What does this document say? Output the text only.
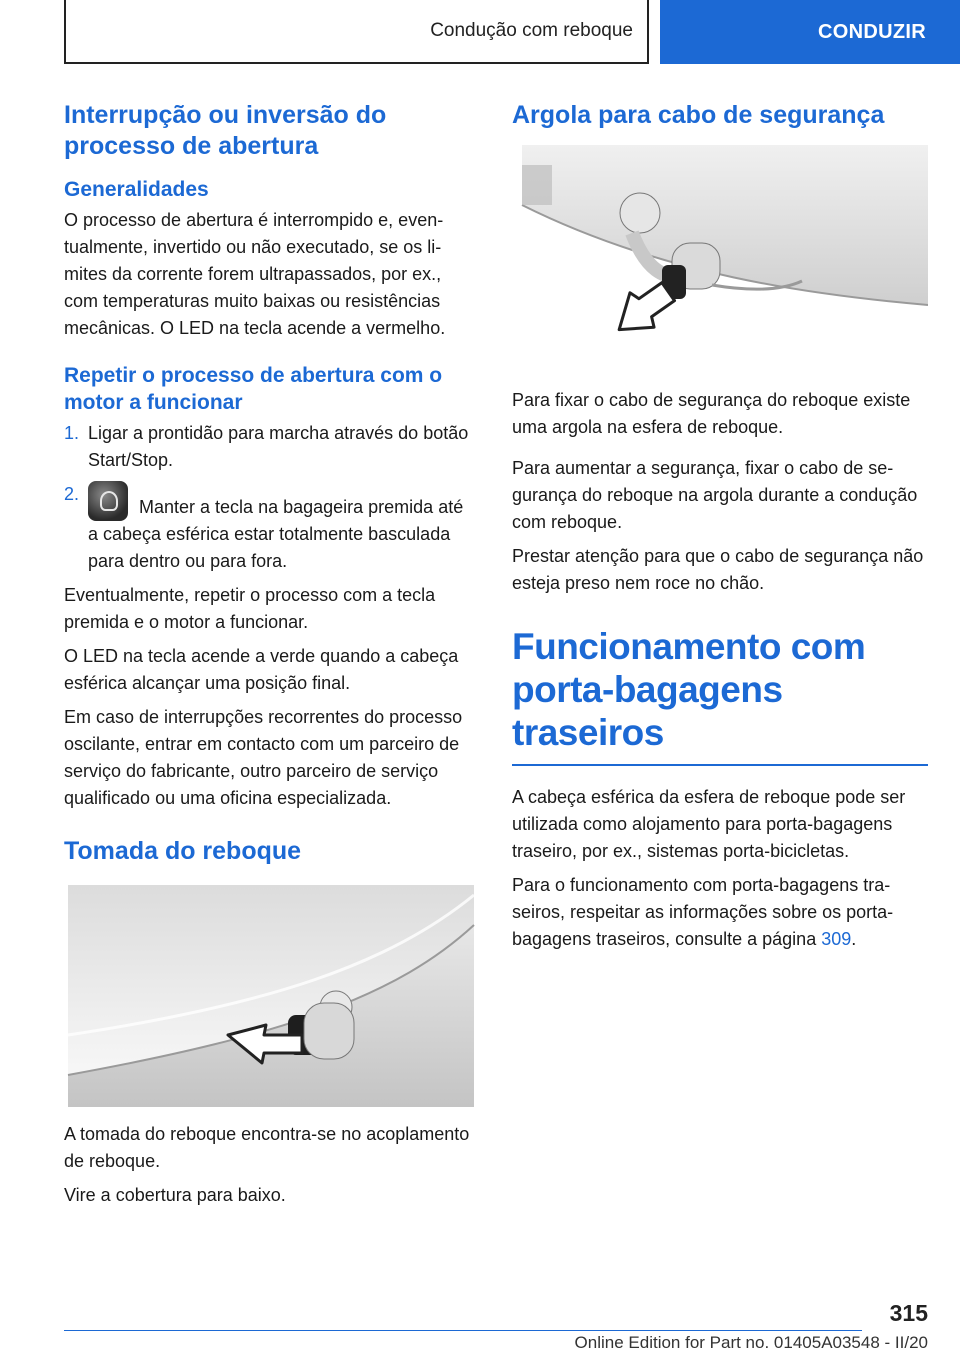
Condução com reboque	CONDUZIR
Interrupção ou inversão do processo de abertura
Generalidades

O processo de abertura é interrompido e, eventualmente, invertido ou não executado, se os limites da corrente forem ultrapassados, por ex., com temperaturas muito baixas ou resistências mecânicas. O LED na tecla acende a vermelho.

Repetir o processo de abertura com o motor a funcionar
1. Ligar a prontidão para marcha através do botão Start/Stop.
2.
Manter a tecla na bagageira premida até a cabeça esférica estar totalmente basculada para dentro ou para fora.

Eventualmente, repetir o processo com a tecla premida e o motor a funcionar.

O LED na tecla acende a verde quando a cabeça esférica alcançar uma posição final.

Em caso de interrupções recorrentes do processo oscilante, entrar em contacto com um parceiro de serviço do fabricante, outro parceiro de serviço qualificado ou uma oficina especializada.

Tomada do reboque

A tomada do reboque encontra-se no acoplamento de reboque.

Vire a cobertura para baixo.

Argola para cabo de segurança

Para fixar o cabo de segurança do reboque existe uma argola na esfera de reboque.

Para aumentar a segurança, fixar o cabo de segurança do reboque na argola durante a condução com reboque.

Prestar atenção para que o cabo de segurança não esteja preso nem roce no chão.

Funcionamento com porta-bagagens traseiros

A cabeça esférica da esfera de reboque pode ser utilizada como alojamento para porta-bagagens traseiro, por ex., sistemas porta-bicicletas.

Para o funcionamento com porta-bagagens traseiros, respeitar as informações sobre os porta-bagagens traseiros, consulte a página 309.

315
Online Edition for Part no. 01405A03548 - II/20
